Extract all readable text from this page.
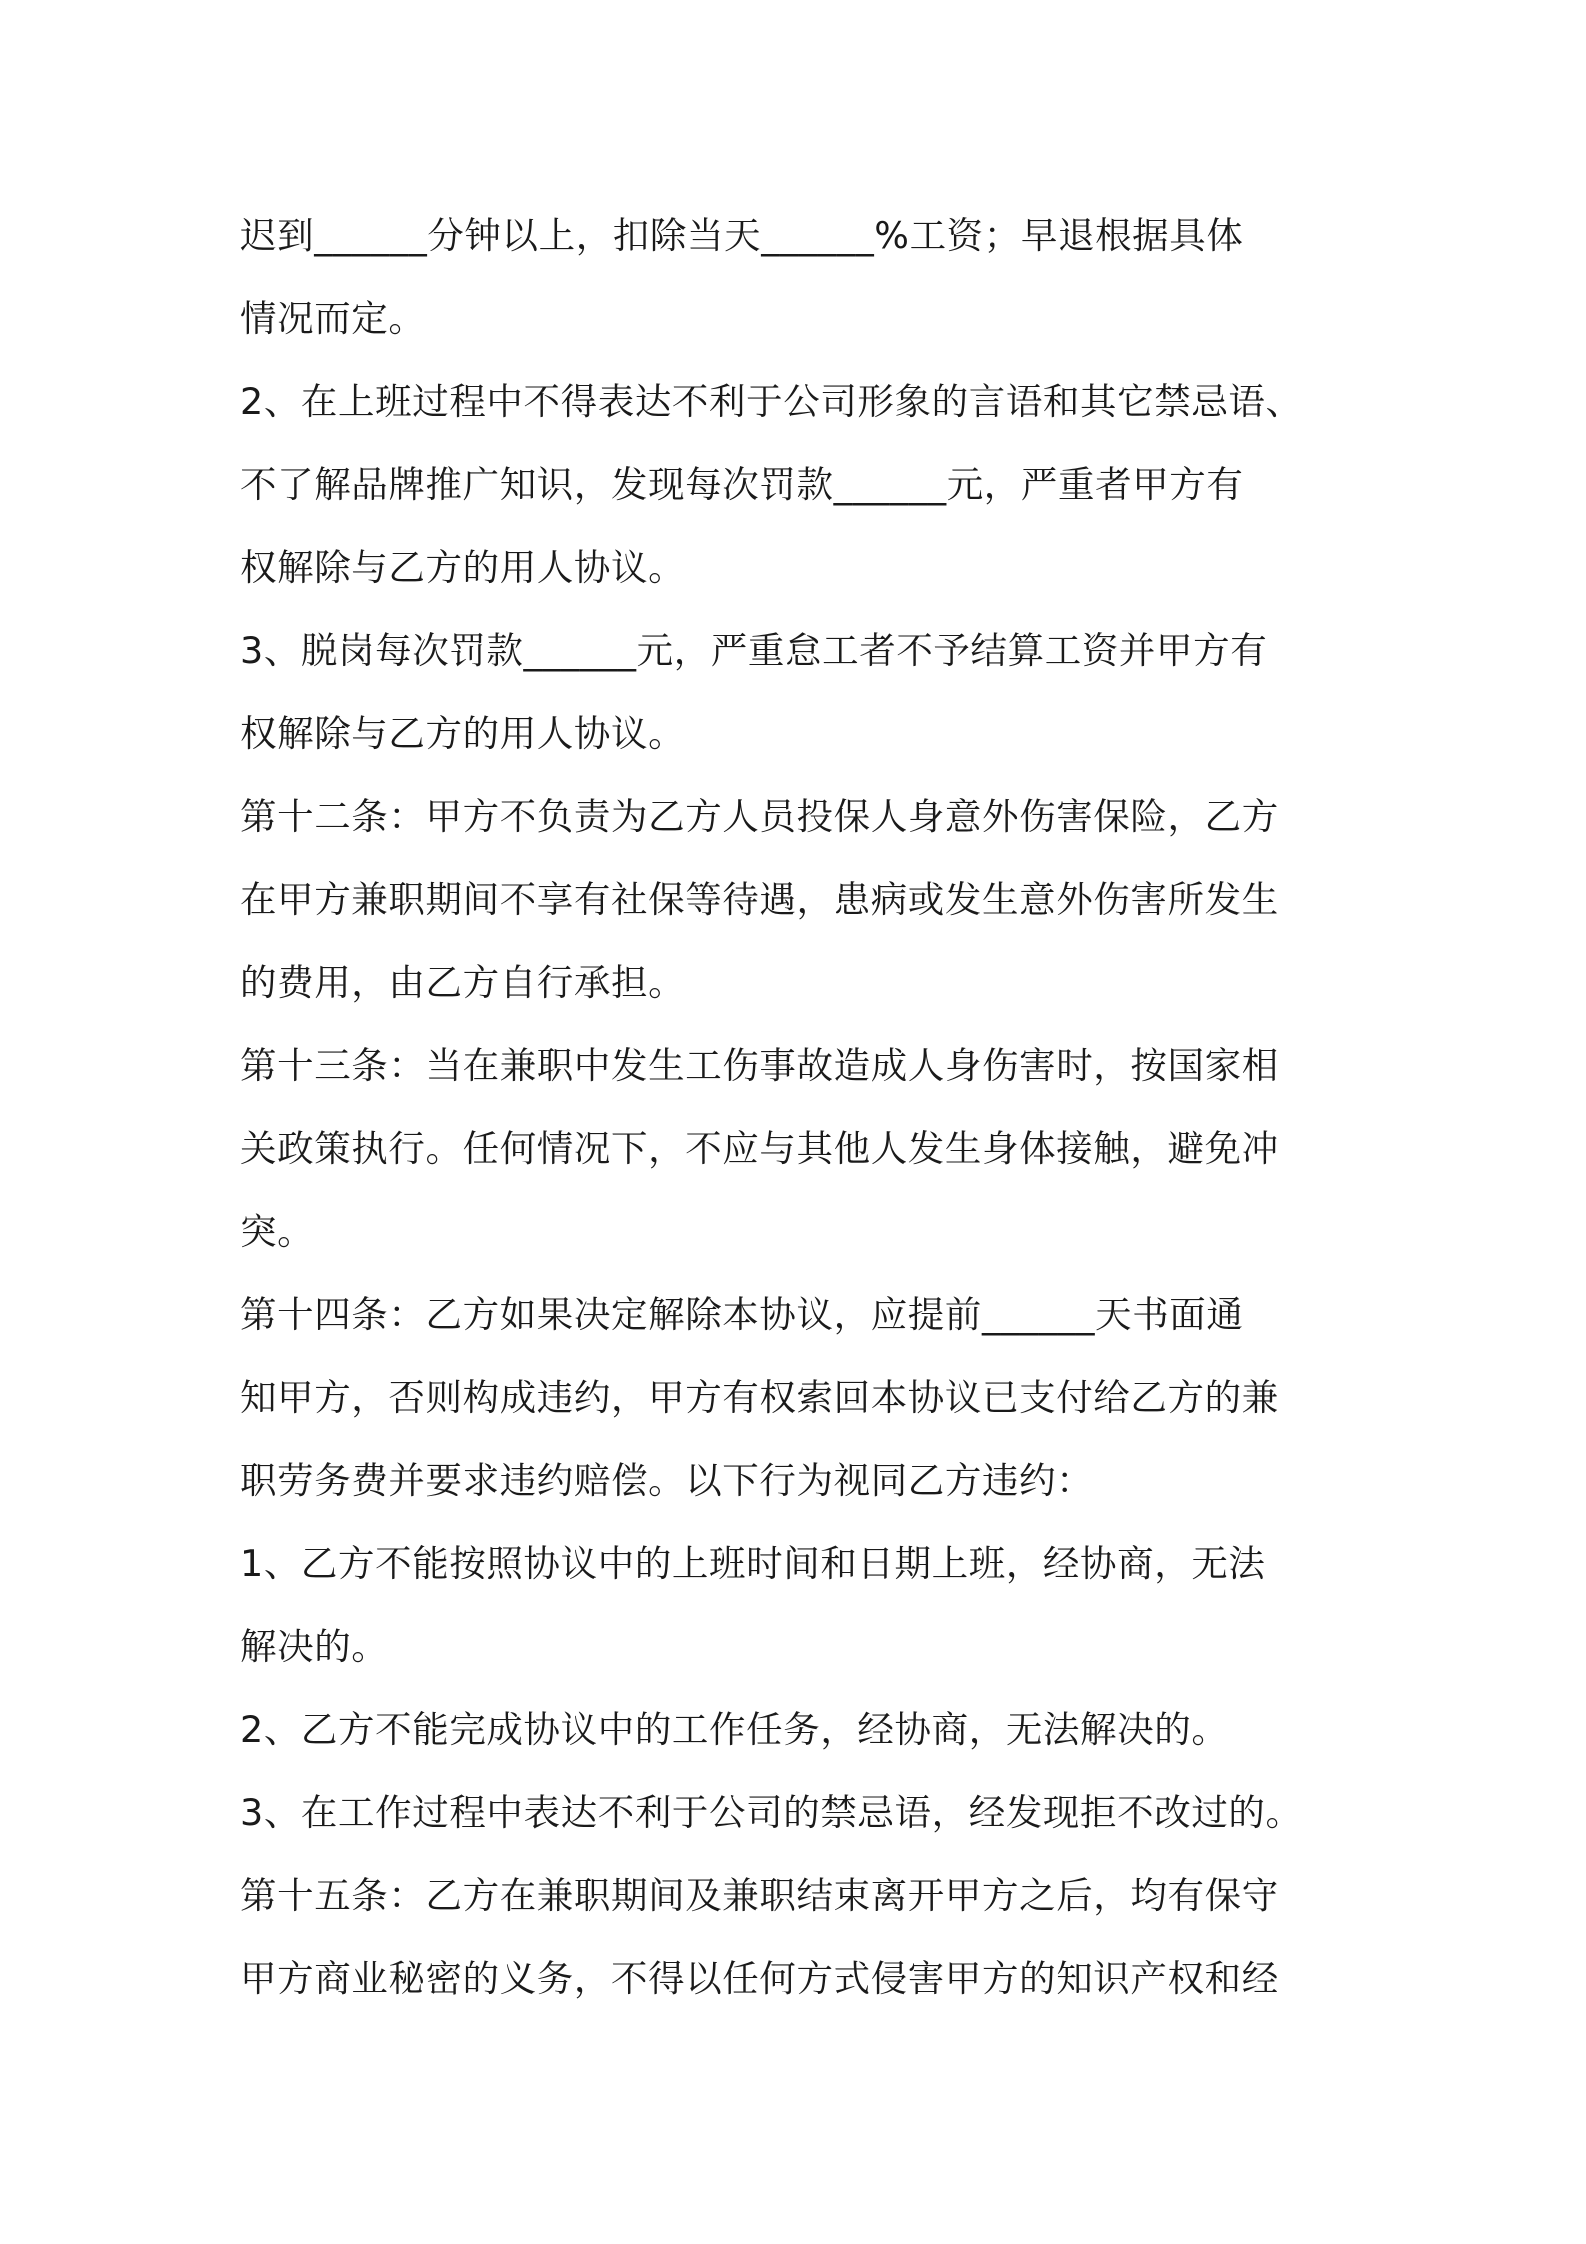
迟到______分钟以上，扣除当天______%工资；早退根据具体
情况而定。
2、在上班过程中不得表达不利于公司形象的言语和其它禁忌语、
不了解品牌推广知识，发现每次罚款______元，严重者甲方有
权解除与乙方的用人协议。
3、脱岗每次罚款______元，严重怠工者不予结算工资并甲方有
权解除与乙方的用人协议。
第十二条：甲方不负责为乙方人员投保人身意外伤害保险，乙方
在甲方兼职期间不享有社保等待遇，患病或发生意外伤害所发生
的费用，由乙方自行承担。
第十三条：当在兼职中发生工伤事故造成人身伤害时，按国家相
关政策执行。任何情况下，不应与其他人发生身体接触，避免冲
突。
第十四条：乙方如果决定解除本协议，应提前______天书面通
知甲方，否则构成违约，甲方有权索回本协议已支付给乙方的兼
职劳务费并要求违约赔偿。以下行为视同乙方违约：
1、乙方不能按照协议中的上班时间和日期上班，经协商，无法
解决的。
2、乙方不能完成协议中的工作任务，经协商，无法解决的。
3、在工作过程中表达不利于公司的禁忌语，经发现拒不改过的。
第十五条：乙方在兼职期间及兼职结束离开甲方之后，均有保守
甲方商业秘密的义务，不得以任何方式侵害甲方的知识产权和经
